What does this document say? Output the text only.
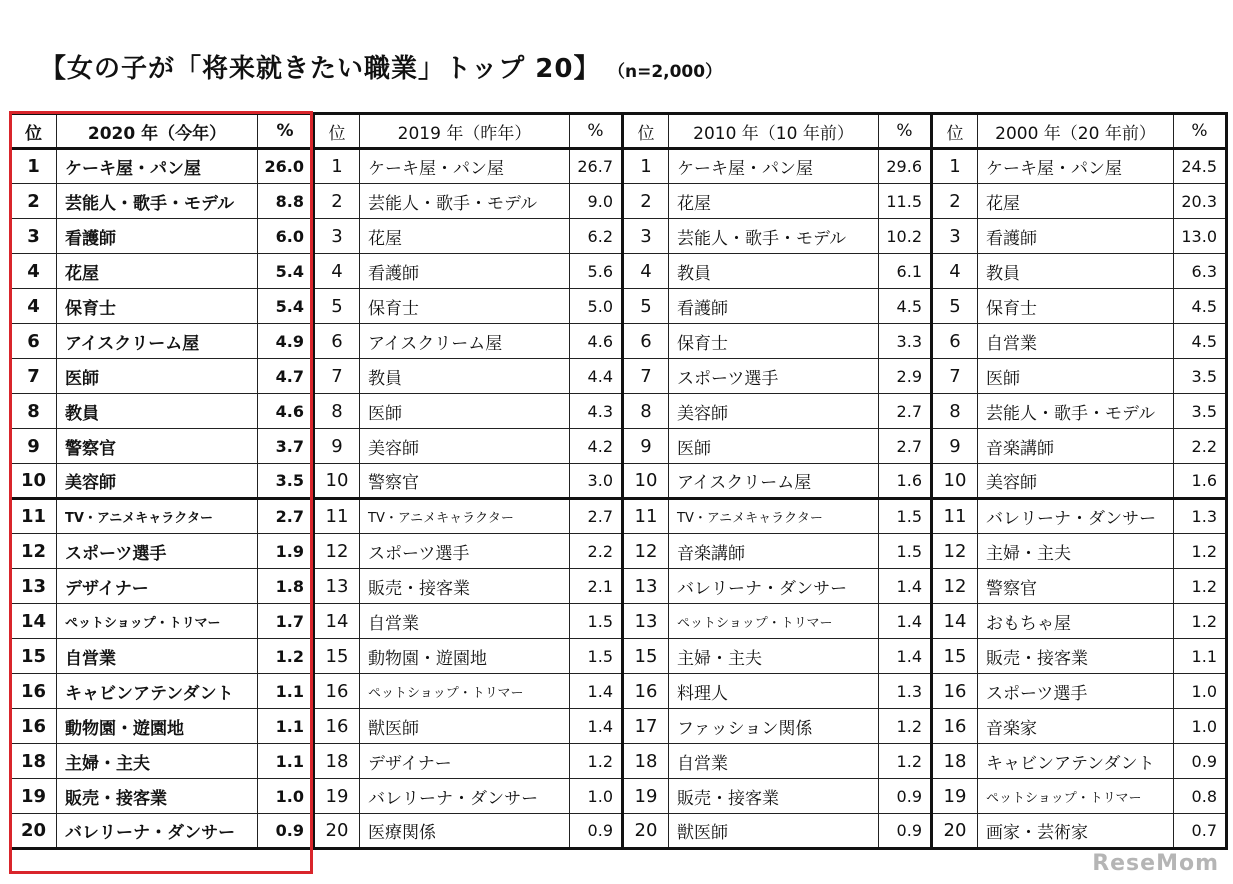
【女の子が「将来就きたい職業」トップ 20】 （n=2,000）
位	2020 年（今年）	%	位	2019 年（昨年）	%	位	2010 年（10 年前）	%	位	2000 年（20 年前）	%
1	ケーキ屋・パン屋	26.0	1	ケーキ屋・パン屋	26.7	1	ケーキ屋・パン屋	29.6	1	ケーキ屋・パン屋	24.5
2	芸能人・歌手・モデル	8.8	2	芸能人・歌手・モデル	9.0	2	花屋	11.5	2	花屋	20.3
3	看護師	6.0	3	花屋	6.2	3	芸能人・歌手・モデル	10.2	3	看護師	13.0
4	花屋	5.4	4	看護師	5.6	4	教員	6.1	4	教員	6.3
4	保育士	5.4	5	保育士	5.0	5	看護師	4.5	5	保育士	4.5
6	アイスクリーム屋	4.9	6	アイスクリーム屋	4.6	6	保育士	3.3	6	自営業	4.5
7	医師	4.7	7	教員	4.4	7	スポーツ選手	2.9	7	医師	3.5
8	教員	4.6	8	医師	4.3	8	美容師	2.7	8	芸能人・歌手・モデル	3.5
9	警察官	3.7	9	美容師	4.2	9	医師	2.7	9	音楽講師	2.2
10	美容師	3.5	10	警察官	3.0	10	アイスクリーム屋	1.6	10	美容師	1.6
11	TV・アニメキャラクター	2.7	11	TV・アニメキャラクター	2.7	11	TV・アニメキャラクター	1.5	11	バレリーナ・ダンサー	1.3
12	スポーツ選手	1.9	12	スポーツ選手	2.2	12	音楽講師	1.5	12	主婦・主夫	1.2
13	デザイナー	1.8	13	販売・接客業	2.1	13	バレリーナ・ダンサー	1.4	12	警察官	1.2
14	ペットショップ・トリマー	1.7	14	自営業	1.5	13	ペットショップ・トリマー	1.4	14	おもちゃ屋	1.2
15	自営業	1.2	15	動物園・遊園地	1.5	15	主婦・主夫	1.4	15	販売・接客業	1.1
16	キャビンアテンダント	1.1	16	ペットショップ・トリマー	1.4	16	料理人	1.3	16	スポーツ選手	1.0
16	動物園・遊園地	1.1	16	獣医師	1.4	17	ファッション関係	1.2	16	音楽家	1.0
18	主婦・主夫	1.1	18	デザイナー	1.2	18	自営業	1.2	18	キャビンアテンダント	0.9
19	販売・接客業	1.0	19	バレリーナ・ダンサー	1.0	19	販売・接客業	0.9	19	ペットショップ・トリマー	0.8
20	バレリーナ・ダンサー	0.9	20	医療関係	0.9	20	獣医師	0.9	20	画家・芸術家	0.7
ReseMom
